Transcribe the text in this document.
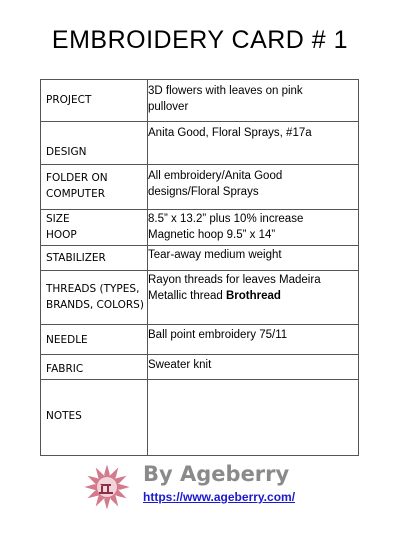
EMBROIDERY CARD # 1
PROJECT	3D flowers with leaves on pink
pullover

DESIGN	Anita Good, Floral Sprays, #17a

FOLDER ON
COMPUTER	All embroidery/Anita Good
designs/Floral Sprays

SIZE
HOOP	8.5” x 13.2” plus 10% increase
Magnetic hoop 9.5” x 14”

STABILIZER	Tear-away medium weight

THREADS (TYPES,
BRANDS, COLORS)	Rayon threads for leaves Madeira
Metallic thread Brothread

NEEDLE	Ball point embroidery 75/11

FABRIC	Sweater knit

NOTES	

By Ageberry
https://www.ageberry.com/
